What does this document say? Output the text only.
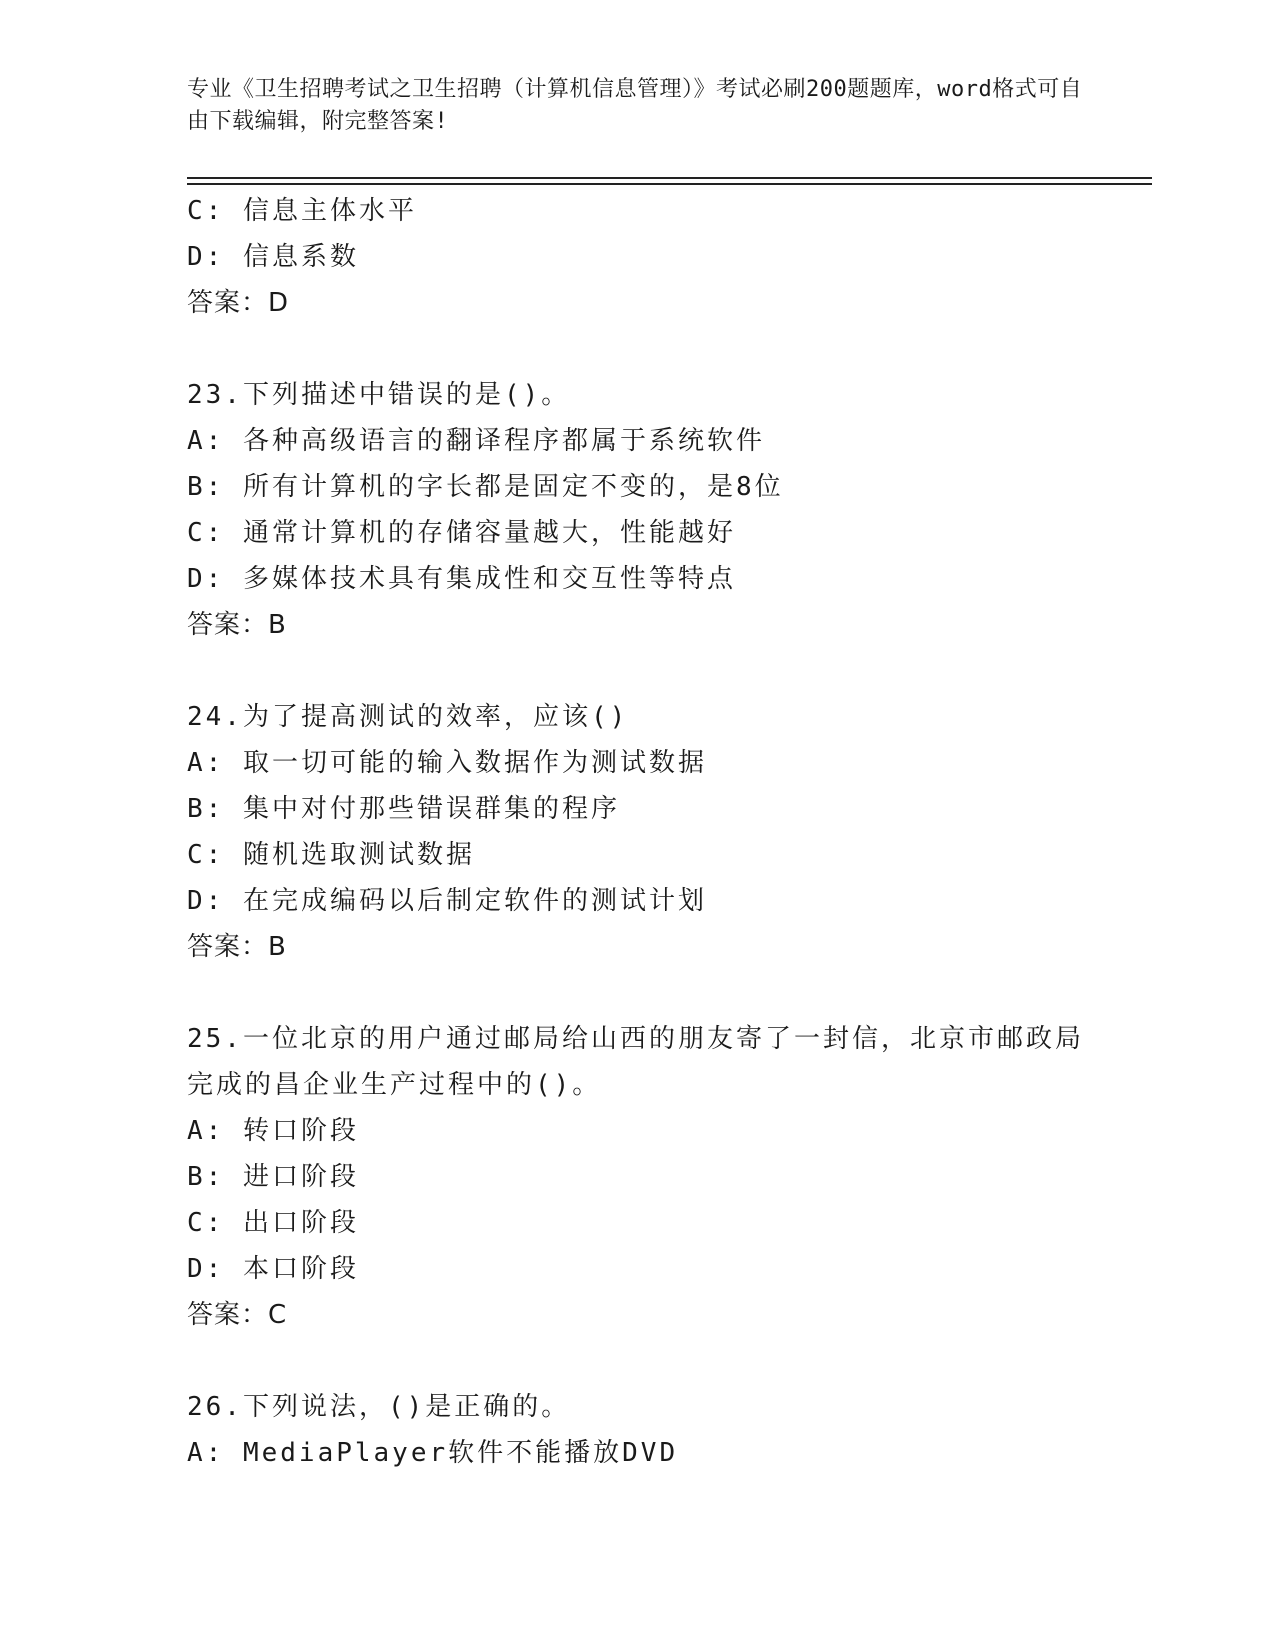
专业《卫生招聘考试之卫生招聘（计算机信息管理）》考试必刷200题题库，word格式可自由下载编辑，附完整答案!
C: 信息主体水平
D: 信息系数
答案：D
23.下列描述中错误的是()。
A: 各种高级语言的翻译程序都属于系统软件
B: 所有计算机的字长都是固定不变的，是8位
C: 通常计算机的存储容量越大，性能越好
D: 多媒体技术具有集成性和交互性等特点
答案：B
24.为了提高测试的效率，应该()
A: 取一切可能的输入数据作为测试数据
B: 集中对付那些错误群集的程序
C: 随机选取测试数据
D: 在完成编码以后制定软件的测试计划
答案：B
25.一位北京的用户通过邮局给山西的朋友寄了一封信，北京市邮政局完成的昌企业生产过程中的()。
A: 转口阶段
B: 进口阶段
C: 出口阶段
D: 本口阶段
答案：C
26.下列说法，()是正确的。
A: MediaPlayer软件不能播放DVD
